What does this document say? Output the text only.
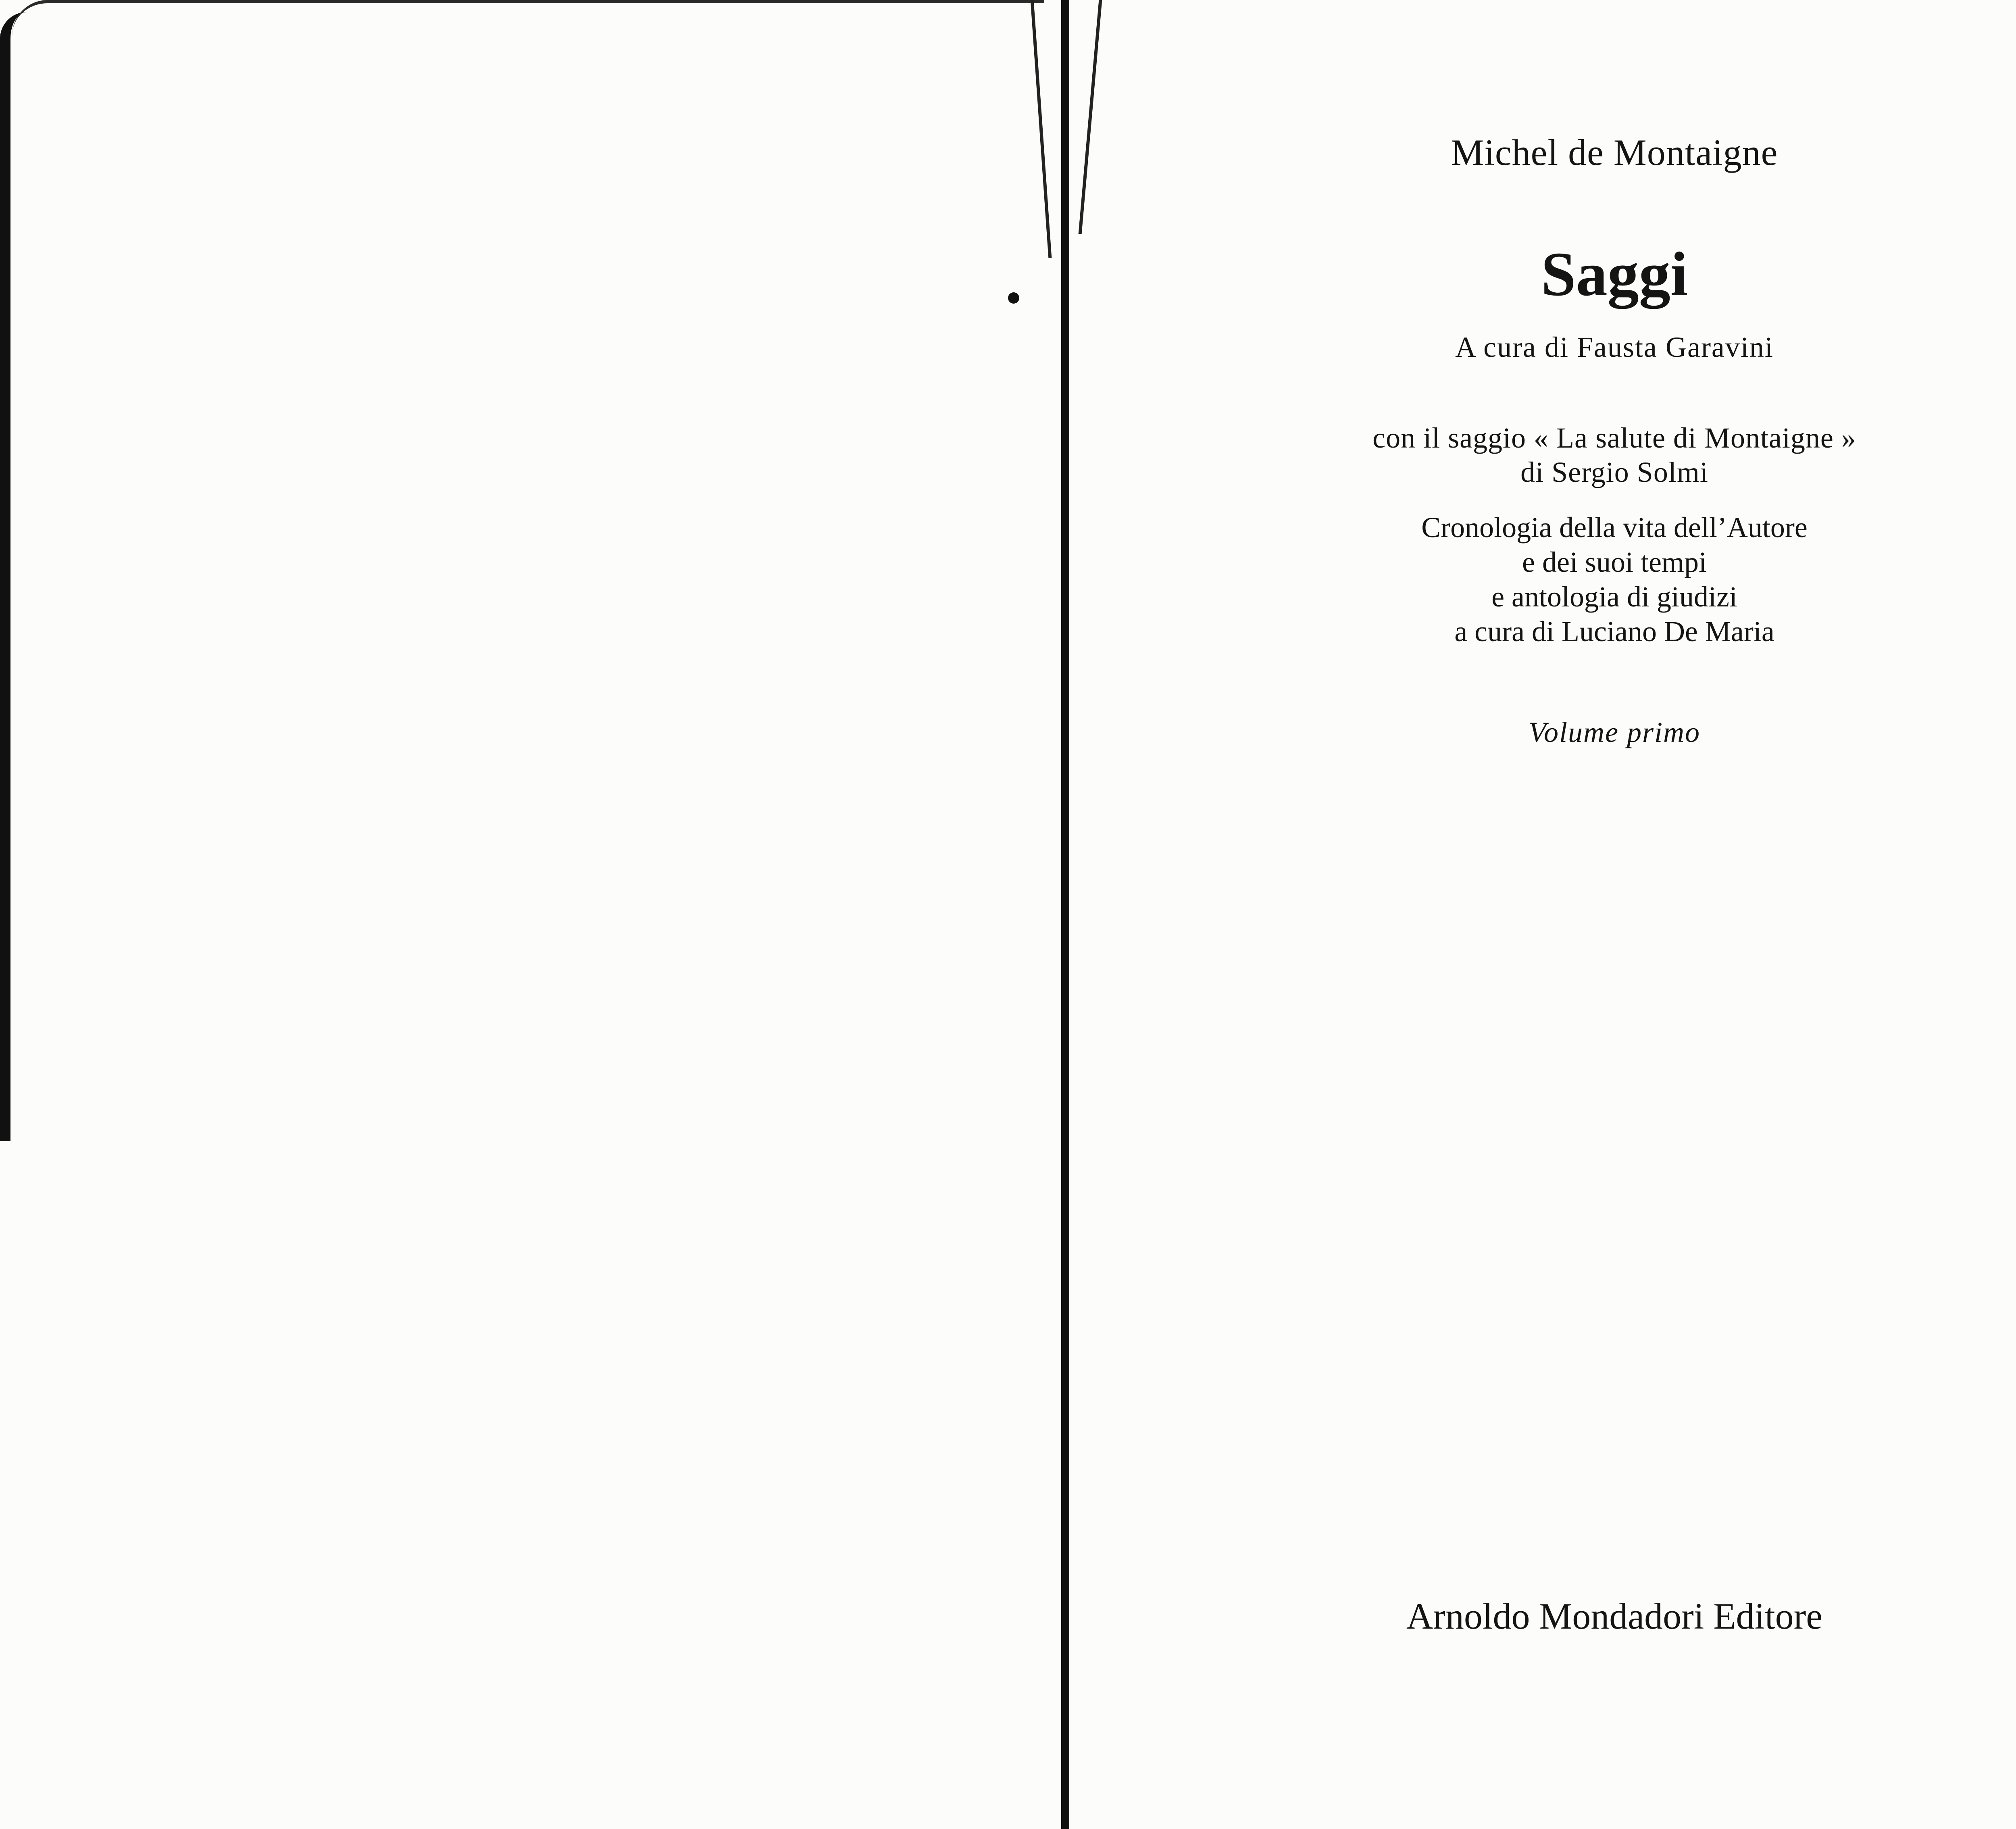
Michel de Montaigne
Saggi
A cura di Fausta Garavini
con il saggio « La salute di Montaigne »
di Sergio Solmi
Cronologia della vita dell’Autore
e dei suoi tempi
e antologia di giudizi
a cura di Luciano De Maria
Volume primo
Arnoldo Mondadori Editore
